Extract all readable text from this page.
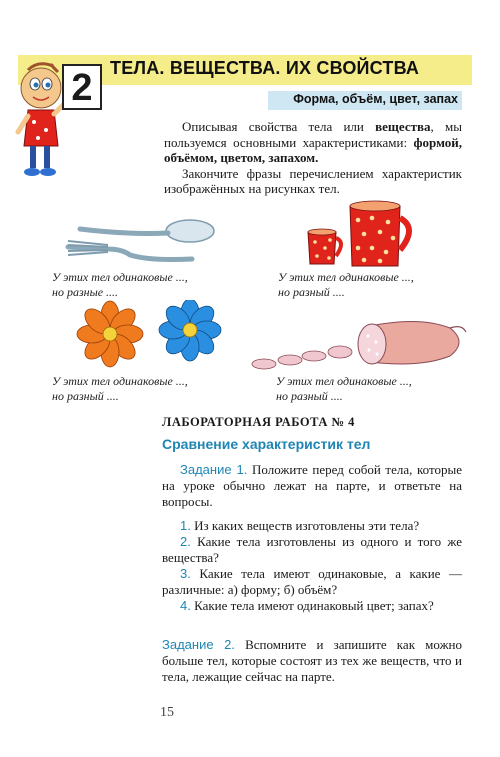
ТЕЛА. ВЕЩЕСТВА. ИХ СВОЙСТВА
2	Форма, объём, цвет, запах

Описывая свойства тела или вещества, мы пользуемся основными характеристиками: формой, объёмом, цветом, запахом.

Закончите фразы перечислением характеристик изображённых на рисунках тел.

У этих тел одинаковые ...,
но разные ....
У этих тел одинаковые ...,
но разный ....
У этих тел одинаковые ...,
но разный ....
У этих тел одинаковые ...,
но разный ....
ЛАБОРАТОРНАЯ РАБОТА № 4
Сравнение характеристик тел

Задание 1. Положите перед собой тела, которые на уроке обычно лежат на парте, и ответьте на вопросы.

1. Из каких веществ изготовлены эти тела?

2. Какие тела изготовлены из одного и того же вещества?

3. Какие тела имеют одинаковые, а какие — различные: а) форму; б) объём?

4. Какие тела имеют одинаковый цвет; запах?

Задание 2. Вспомните и запишите как можно больше тел, которые состоят из тех же веществ, что и тела, лежащие сейчас на парте.

15
